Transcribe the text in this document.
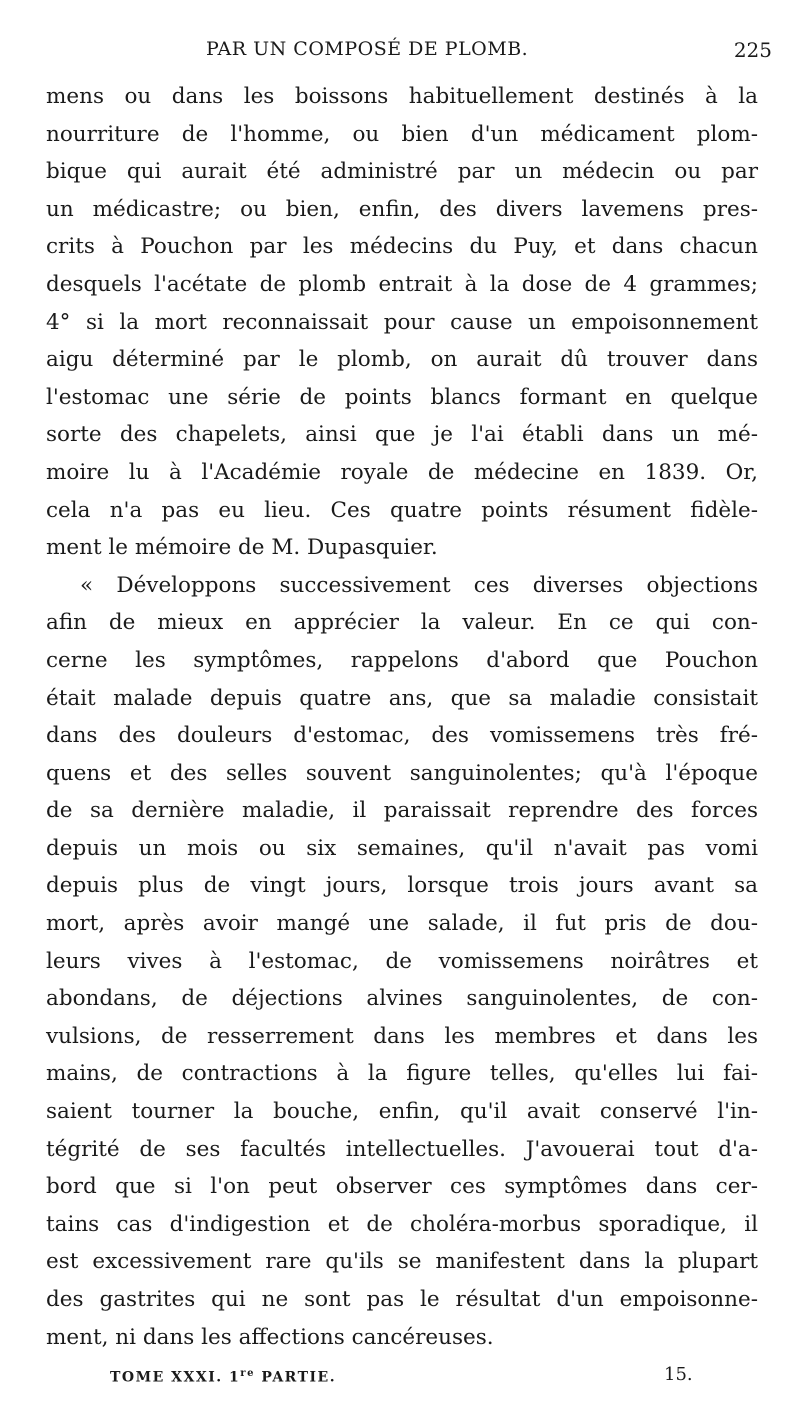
PAR UN COMPOSÉ DE PLOMB.	225
mens ou dans les boissons habituellement destinés à la
nourriture de l'homme, ou bien d'un médicament plom-
bique qui aurait été administré par un médecin ou par
un médicastre; ou bien, enfin, des divers lavemens pres-
crits à Pouchon par les médecins du Puy, et dans chacun
desquels l'acétate de plomb entrait à la dose de 4 grammes;
4° si la mort reconnaissait pour cause un empoisonnement
aigu déterminé par le plomb, on aurait dû trouver dans
l'estomac une série de points blancs formant en quelque
sorte des chapelets, ainsi que je l'ai établi dans un mé-
moire lu à l'Académie royale de médecine en 1839. Or,
cela n'a pas eu lieu. Ces quatre points résument fidèle-
ment le mémoire de M. Dupasquier.
« Développons successivement ces diverses objections
afin de mieux en apprécier la valeur. En ce qui con-
cerne les symptômes, rappelons d'abord que Pouchon
était malade depuis quatre ans, que sa maladie consistait
dans des douleurs d'estomac, des vomissemens très fré-
quens et des selles souvent sanguinolentes; qu'à l'époque
de sa dernière maladie, il paraissait reprendre des forces
depuis un mois ou six semaines, qu'il n'avait pas vomi
depuis plus de vingt jours, lorsque trois jours avant sa
mort, après avoir mangé une salade, il fut pris de dou-
leurs vives à l'estomac, de vomissemens noirâtres et
abondans, de déjections alvines sanguinolentes, de con-
vulsions, de resserrement dans les membres et dans les
mains, de contractions à la figure telles, qu'elles lui fai-
saient tourner la bouche, enfin, qu'il avait conservé l'in-
tégrité de ses facultés intellectuelles. J'avouerai tout d'a-
bord que si l'on peut observer ces symptômes dans cer-
tains cas d'indigestion et de choléra-morbus sporadique, il
est excessivement rare qu'ils se manifestent dans la plupart
des gastrites qui ne sont pas le résultat d'un empoisonne-
ment, ni dans les affections cancéreuses.
TOME XXXI. 1re PARTIE.	15.
